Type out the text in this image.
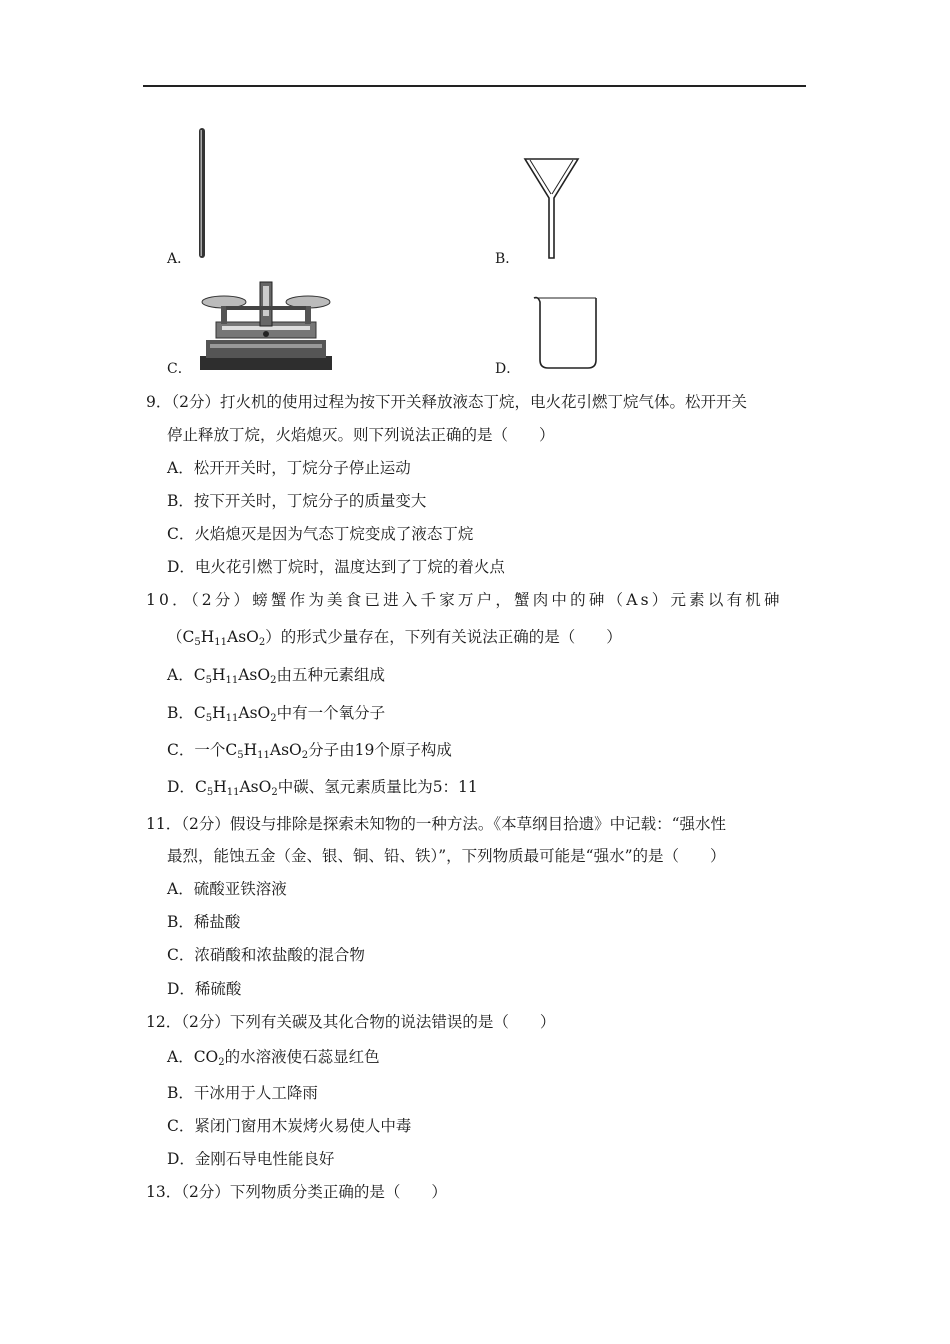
A．	B．
C．	D．
9．（2分）打火机的使用过程为按下开关释放液态丁烷，电火花引燃丁烷气体。松开开关
停止释放丁烷，火焰熄灭。则下列说法正确的是（　　）
A．松开开关时，丁烷分子停止运动
B．按下开关时，丁烷分子的质量变大
C．火焰熄灭是因为气态丁烷变成了液态丁烷
D．电火花引燃丁烷时，温度达到了丁烷的着火点
10．（2分）螃蟹作为美食已进入千家万户，蟹肉中的砷（As）元素以有机砷
$(C_5H_{11}AsO_2)$的形式少量存在，下列有关说法正确的是（　　）
A．$C_5H_{11}AsO_2$由五种元素组成
B．$C_5H_{11}AsO_2$中有一个氧分子
C．一个$C_5H_{11}AsO_2$分子由19个原子构成
D．$C_5H_{11}AsO_2$中碳、氢元素质量比为5：11
11．（2分）假设与排除是探索未知物的一种方法。《本草纲目拾遗》中记载：“强水性
最烈，能蚀五金（金、银、铜、铅、铁）”，下列物质最可能是“强水”的是（　　）
A．硫酸亚铁溶液
B．稀盐酸
C．浓硝酸和浓盐酸的混合物
D．稀硫酸
12．（2分）下列有关碳及其化合物的说法错误的是（　　）
A．$CO_2$的水溶液使石蕊显红色
B．干冰用于人工降雨
C．紧闭门窗用木炭烤火易使人中毒
D．金刚石导电性能良好
13．（2分）下列物质分类正确的是（　　）
